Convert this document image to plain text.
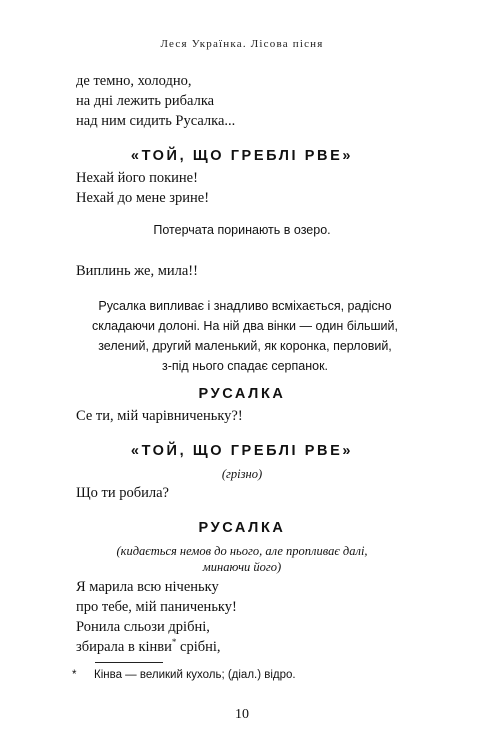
Леся Українка. Лісова пісня
де темно, холодно,
на дні лежить рибалка
над ним сидить Русалка...
«ТОЙ, ЩО ГРЕБЛІ РВЕ»
Нехай його покине!
Нехай до мене зрине!
Потерчата поринають в озеро.
Виплинь же, мила!!
Русалка випливає і знадливо всміхається, радісно
складаючи долоні. На ній два вінки — один більший,
зелений, другий маленький, як коронка, перловий,
з-під нього спадає серпанок.
РУСАЛКА
Се ти, мій чарівниченьку?!
«ТОЙ, ЩО ГРЕБЛІ РВЕ»
(грізно)
Що ти робила?
РУСАЛКА
(кидається немов до нього, але пропливає далі,
минаючи його)
Я марила всю ніченьку
про тебе, мій паниченьку!
Ронила сльози дрібні,
збирала в кінви* срібні,
* Кінва — великий кухоль; (діал.) відро.
10
